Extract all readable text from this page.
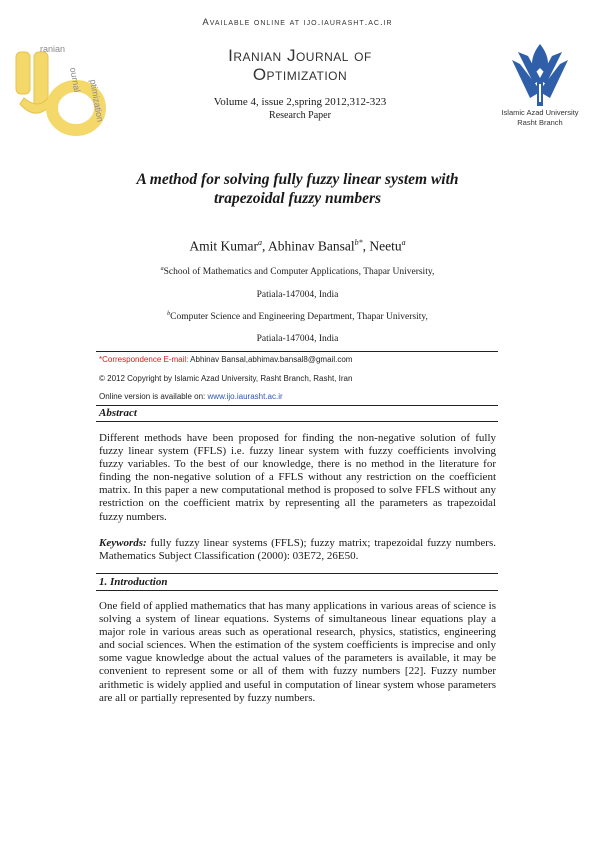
Available online at ijo.iaurasht.ac.ir
ranian
ournal ptimization
Iranian Journal of
Optimization
Volume 4, issue 2,spring 2012,312-323
Research Paper	Islamic Azad University
Rasht Branch
A method for solving fully fuzzy linear system with
trapezoidal fuzzy numbers
Amit Kumar$^a$, Abhinav Bansal$^{b*}$, Neetu$^a$
$^a$School of Mathematics and Computer Applications, Thapar University,
Patiala-147004, India
$^b$Computer Science and Engineering Department, Thapar University,
Patiala-147004, India
*Correspondence E-mail: Abhinav Bansal,abhimav.bansal8@gmail.com
© 2012 Copyright by Islamic Azad University, Rasht Branch, Rasht, Iran
Online version is available on: www.ijo.iaurasht.ac.ir
Abstract
Different methods have been proposed for finding the non-negative solution of fully fuzzy linear system (FFLS) i.e. fuzzy linear system with fuzzy coefficients involving fuzzy variables. To the best of our knowledge, there is no method in the literature for finding the non-negative solution of a FFLS without any restriction on the coefficient matrix. In this paper a new computational method is proposed to solve FFLS without any restriction on the coefficient matrix by representing all the parameters as trapezoidal fuzzy numbers.
Keywords: fully fuzzy linear systems (FFLS); fuzzy matrix; trapezoidal fuzzy numbers. Mathematics Subject Classification (2000): 03E72, 26E50.
1. Introduction
One field of applied mathematics that has many applications in various areas of science is solving a system of linear equations. Systems of simultaneous linear equations play a major role in various areas such as operational research, physics, statistics, engineering and social sciences. When the estimation of the system coefficients is imprecise and only some vague knowledge about the actual values of the parameters is available, it may be convenient to represent some or all of them with fuzzy numbers [22]. Fuzzy number arithmetic is widely applied and useful in computation of linear system whose parameters are all or partially represented by fuzzy numbers.
